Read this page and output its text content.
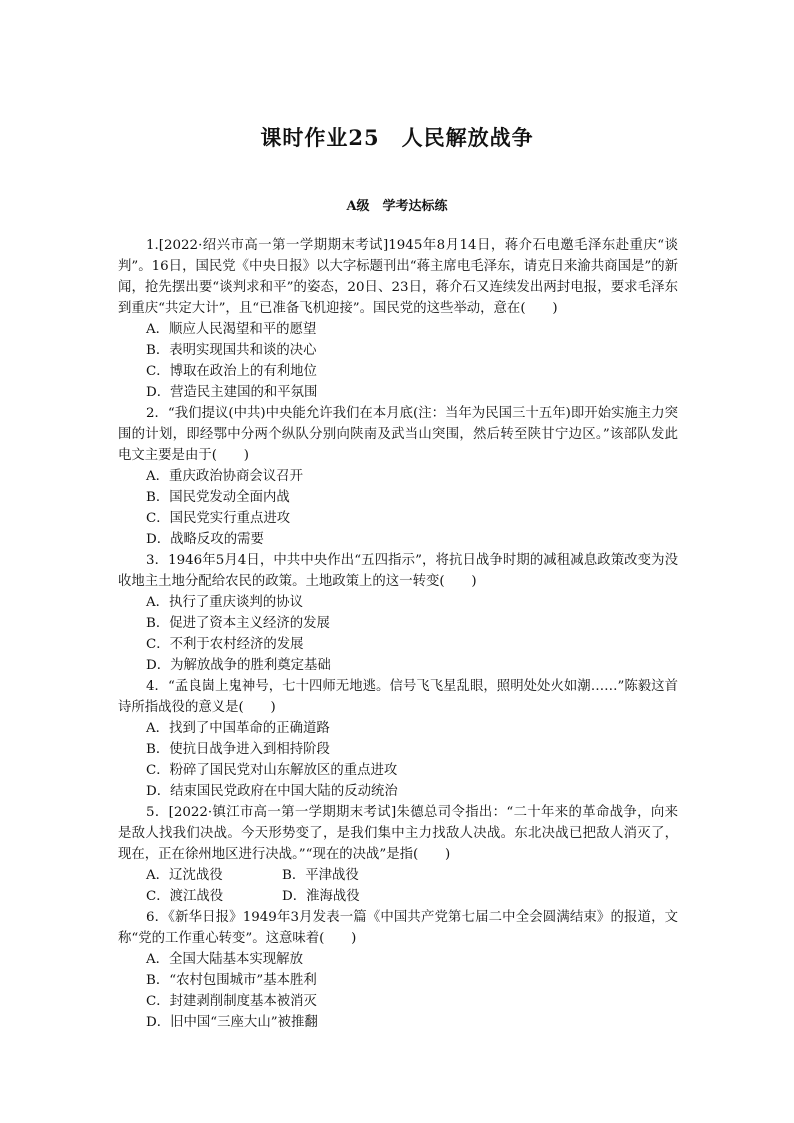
课时作业25　人民解放战争
A级　学考达标练

1.[2022·绍兴市高一第一学期期末考试]1945年8月14日，蒋介石电邀毛泽东赴重庆“谈判”。16日，国民党《中央日报》以大字标题刊出“蒋主席电毛泽东，请克日来渝共商国是”的新闻，抢先摆出要“谈判求和平”的姿态，20日、23日，蒋介石又连续发出两封电报，要求毛泽东到重庆“共定大计”，且“已准备飞机迎接”。国民党的这些举动，意在(　　)

A．顺应人民渴望和平的愿望

B．表明实现国共和谈的决心

C．博取在政治上的有利地位

D．营造民主建国的和平氛围

2．“我们提议(中共)中央能允许我们在本月底(注：当年为民国三十五年)即开始实施主力突围的计划，即经鄂中分两个纵队分别向陕南及武当山突围，然后转至陕甘宁边区。”该部队发此电文主要是由于(　　)

A．重庆政治协商会议召开

B．国民党发动全面内战

C．国民党实行重点进攻

D．战略反攻的需要

3．1946年5月4日，中共中央作出“五四指示”，将抗日战争时期的减租减息政策改变为没收地主土地分配给农民的政策。土地政策上的这一转变(　　)

A．执行了重庆谈判的协议

B．促进了资本主义经济的发展

C．不利于农村经济的发展

D．为解放战争的胜利奠定基础

4．“孟良崮上鬼神号，七十四师无地逃。信号飞飞星乱眼，照明处处火如潮……”陈毅这首诗所指战役的意义是(　　)

A．找到了中国革命的正确道路

B．使抗日战争进入到相持阶段

C．粉碎了国民党对山东解放区的重点进攻

D．结束国民党政府在中国大陆的反动统治

5．[2022·镇江市高一第一学期期末考试]朱德总司令指出：“二十年来的革命战争，向来是敌人找我们决战。今天形势变了，是我们集中主力找敌人决战。东北决战已把敌人消灭了，现在，正在徐州地区进行决战。”“现在的决战”是指(　　)

A．辽沈战役	B．平津战役
C．渡江战役	D．淮海战役

6．《新华日报》1949年3月发表一篇《中国共产党第七届二中全会圆满结束》的报道，文称“党的工作重心转变”。这意味着(　　)

A．全国大陆基本实现解放

B．“农村包围城市”基本胜利

C．封建剥削制度基本被消灭

D．旧中国“三座大山”被推翻
